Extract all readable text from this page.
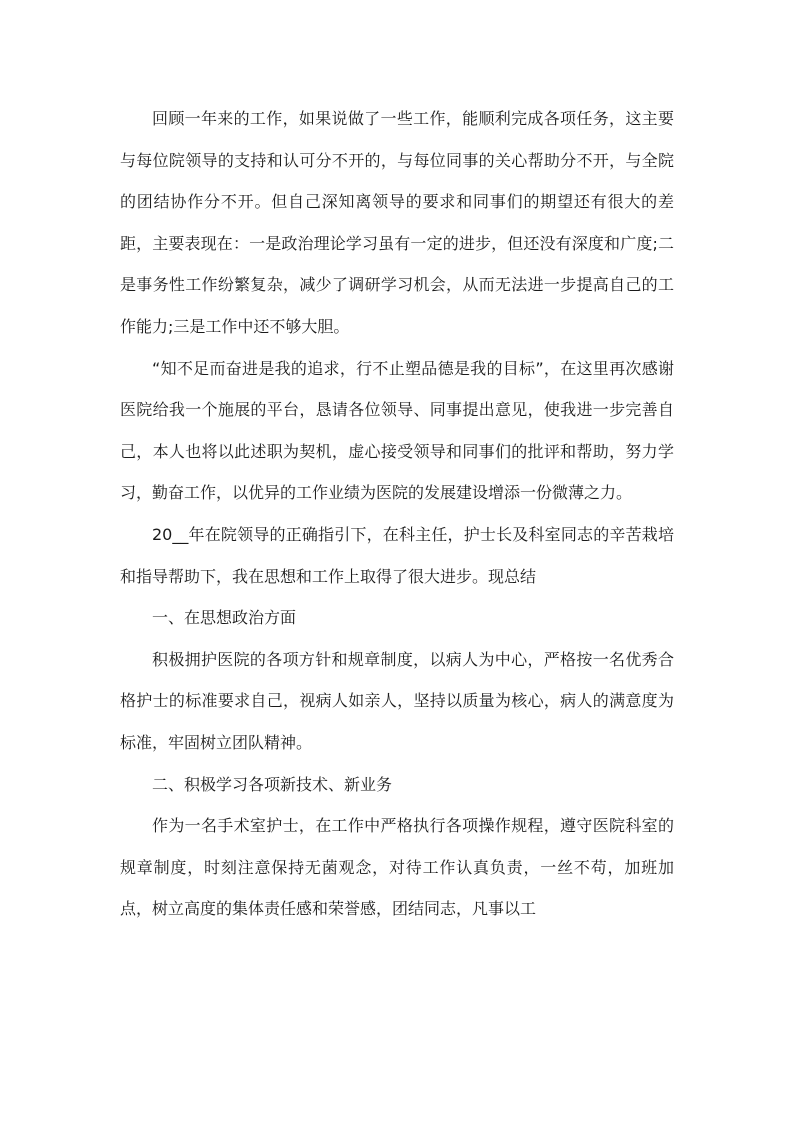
回顾一年来的工作，如果说做了一些工作，能顺利完成各项任务，这主要与每位院领导的支持和认可分不开的，与每位同事的关心帮助分不开，与全院的团结协作分不开。但自己深知离领导的要求和同事们的期望还有很大的差距，主要表现在：一是政治理论学习虽有一定的进步，但还没有深度和广度;二是事务性工作纷繁复杂，减少了调研学习机会，从而无法进一步提高自己的工作能力;三是工作中还不够大胆。

“知不足而奋进是我的追求，行不止塑品德是我的目标”，在这里再次感谢医院给我一个施展的平台，恳请各位领导、同事提出意见，使我进一步完善自己，本人也将以此述职为契机，虚心接受领导和同事们的批评和帮助，努力学习，勤奋工作，以优异的工作业绩为医院的发展建设增添一份微薄之力。

20__年在院领导的正确指引下，在科主任，护士长及科室同志的辛苦栽培和指导帮助下，我在思想和工作上取得了很大进步。现总结

一、在思想政治方面

积极拥护医院的各项方针和规章制度，以病人为中心，严格按一名优秀合格护士的标准要求自己，视病人如亲人，坚持以质量为核心，病人的满意度为标准，牢固树立团队精神。

二、积极学习各项新技术、新业务

作为一名手术室护士，在工作中严格执行各项操作规程，遵守医院科室的规章制度，时刻注意保持无菌观念，对待工作认真负责，一丝不苟，加班加点，树立高度的集体责任感和荣誉感，团结同志，凡事以工
